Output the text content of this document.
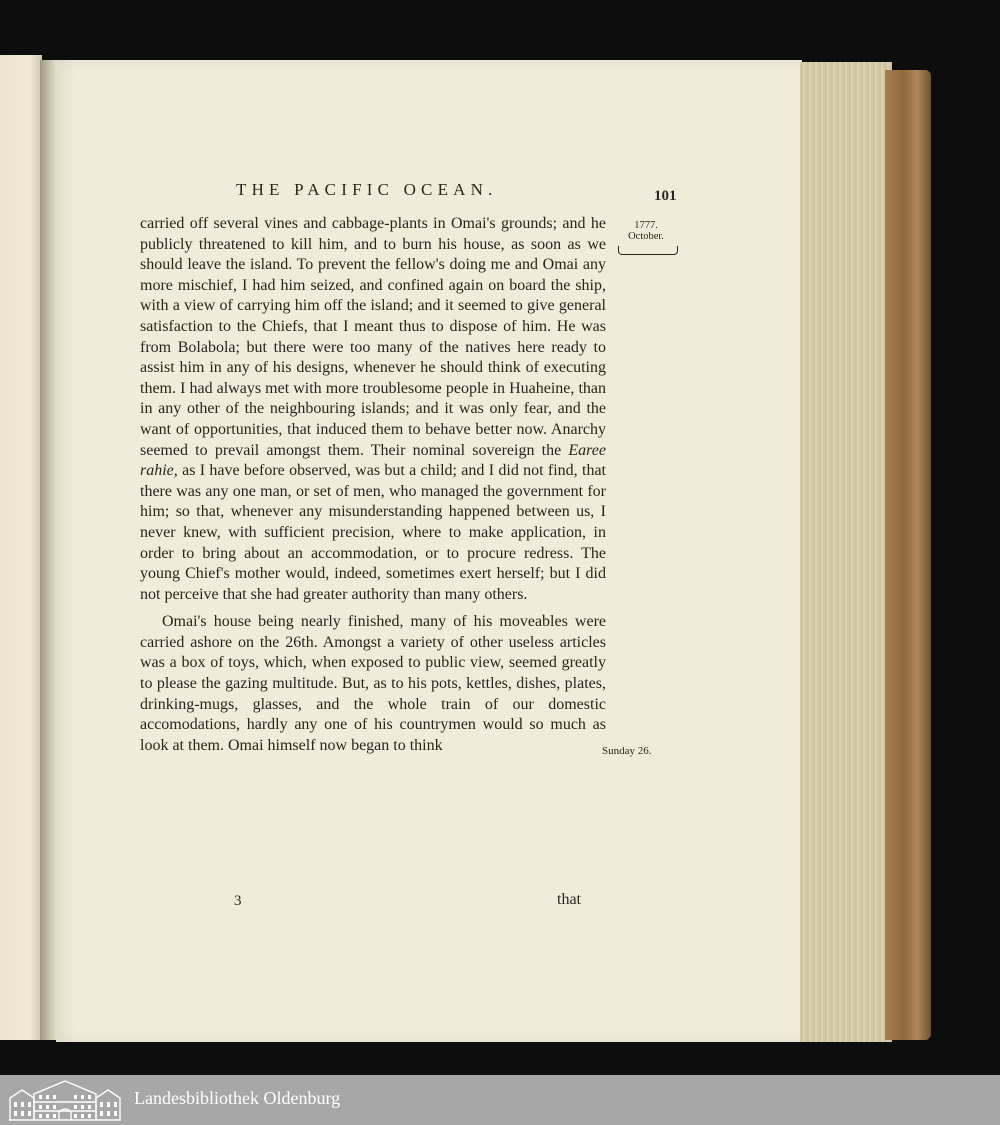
THE PACIFIC OCEAN.	101
1777.
October.

carried off several vines and cabbage-plants in Omai's grounds; and he publicly threatened to kill him, and to burn his house, as soon as we should leave the island. To prevent the fellow's doing me and Omai any more mischief, I had him seized, and confined again on board the ship, with a view of carrying him off the island; and it seemed to give general satisfaction to the Chiefs, that I meant thus to dispose of him. He was from Bolabola; but there were too many of the natives here ready to assist him in any of his designs, whenever he should think of executing them. I had always met with more troublesome people in Huaheine, than in any other of the neighbouring islands; and it was only fear, and the want of opportunities, that induced them to behave better now. Anarchy seemed to prevail amongst them. Their nominal sovereign the Earee rahie, as I have before observed, was but a child; and I did not find, that there was any one man, or set of men, who managed the government for him; so that, whenever any misunderstanding happened between us, I never knew, with sufficient precision, where to make application, in order to bring about an accommodation, or to procure redress. The young Chief's mother would, indeed, sometimes exert herself; but I did not perceive that she had greater authority than many others.

Omai's house being nearly finished, many of his moveables were carried ashore on the 26th. Amongst a variety of other useless articles was a box of toys, which, when exposed to public view, seemed greatly to please the gazing multitude. But, as to his pots, kettles, dishes, plates, drinking-mugs, glasses, and the whole train of our domestic accomodations, hardly any one of his countrymen would so much as look at them. Omai himself now began to think	Sunday 26.
3	that
Landesbibliothek Oldenburg
